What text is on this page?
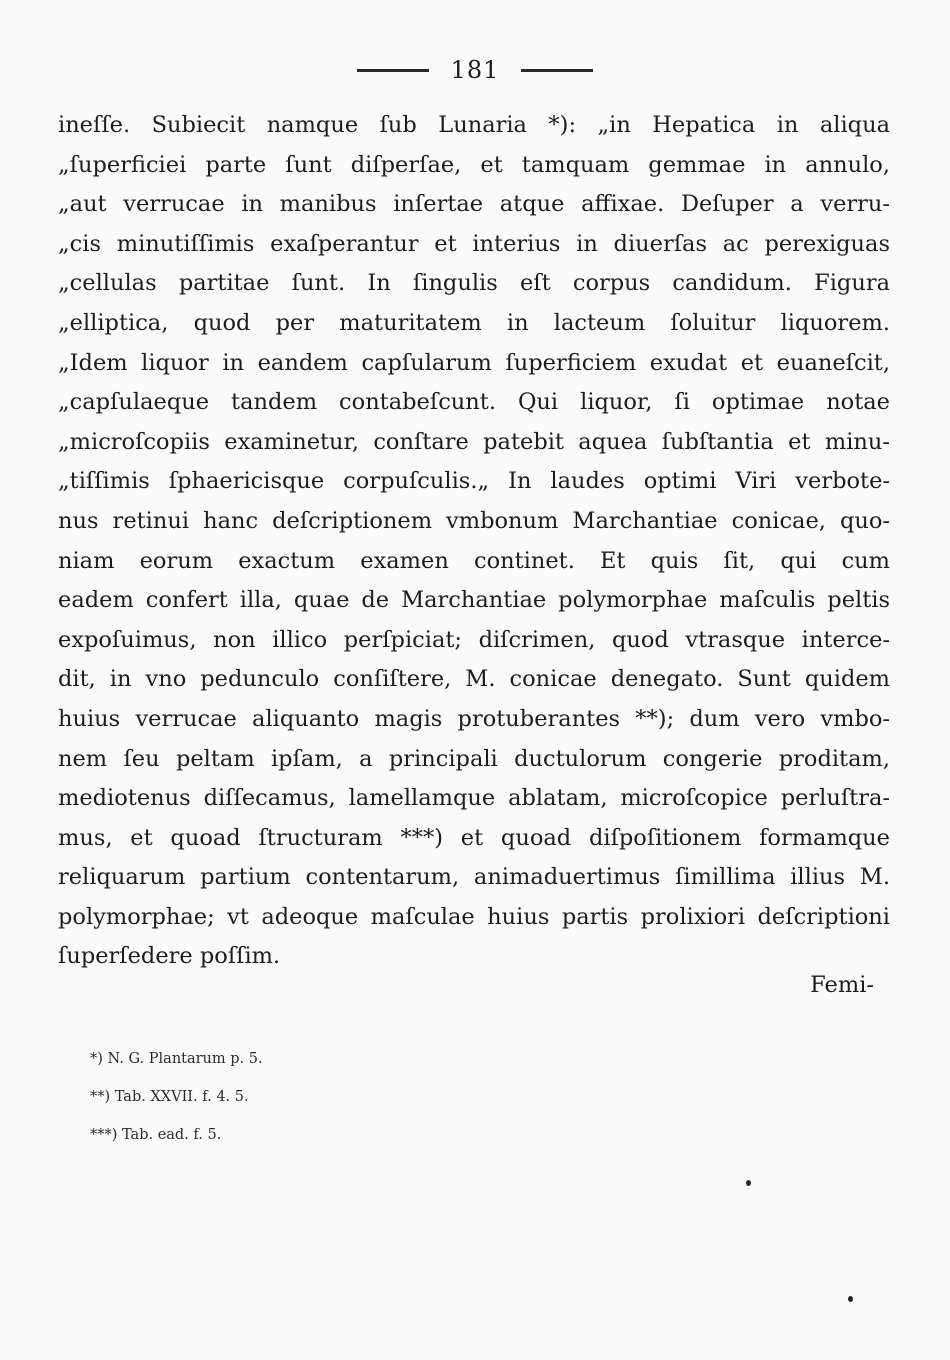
181
ineſſe. Subiecit namque ſub Lunaria *): „in Hepatica in aliqua
„ſuperficiei parte ſunt diſperſae, et tamquam gemmae in annulo,
„aut verrucae in manibus inſertae atque affixae. Deſuper a verru-
„cis minutiſſimis exaſperantur et interius in diuerſas ac perexiguas
„cellulas partitae ſunt. In ſingulis eſt corpus candidum. Figura
„elliptica, quod per maturitatem in lacteum ſoluitur liquorem.
„Idem liquor in eandem capſularum ſuperficiem exudat et euaneſcit,
„capſulaeque tandem contabeſcunt. Qui liquor, ſi optimae notae
„microſcopiis examinetur, conſtare patebit aquea ſubſtantia et minu-
„tiſſimis ſphaericisque corpuſculis.„ In laudes optimi Viri verbote-
nus retinui hanc deſcriptionem vmbonum Marchantiae conicae, quo-
niam eorum exactum examen continet. Et quis ſit, qui cum
eadem confert illa, quae de Marchantiae polymorphae maſculis peltis
expoſuimus, non illico perſpiciat; diſcrimen, quod vtrasque interce-
dit, in vno pedunculo conſiſtere, M. conicae denegato. Sunt quidem
huius verrucae aliquanto magis protuberantes **); dum vero vmbo-
nem ſeu peltam ipſam, a principali ductulorum congerie proditam,
mediotenus diſſecamus, lamellamque ablatam, microſcopice perluſtra-
mus, et quoad ſtructuram ***) et quoad diſpoſitionem formamque
reliquarum partium contentarum, animaduertimus ſimillima illius M.
polymorphae; vt adeoque maſculae huius partis prolixiori deſcriptioni
ſuperſedere poſſim.
Femi-
*) N. G. Plantarum p. 5.
**) Tab. XXVII. f. 4. 5.
***) Tab. ead. f. 5.
